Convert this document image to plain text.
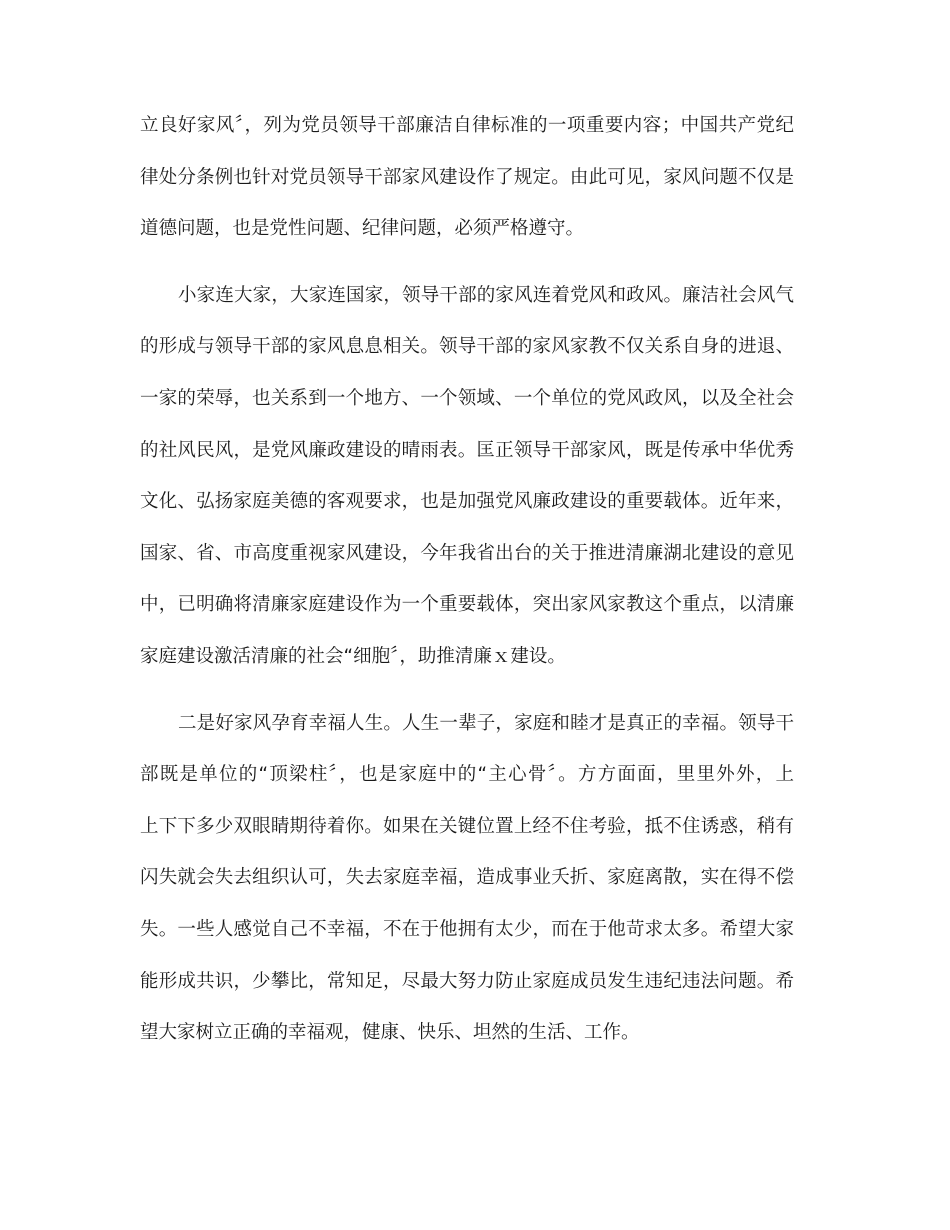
立良好家风〞，列为党员领导干部廉洁自律标准的一项重要内容；中国共产党纪
律处分条例也针对党员领导干部家风建设作了规定。由此可见，家风问题不仅是
道德问题，也是党性问题、纪律问题，必须严格遵守。
小家连大家，大家连国家，领导干部的家风连着党风和政风。廉洁社会风气
的形成与领导干部的家风息息相关。领导干部的家风家教不仅关系自身的进退、
一家的荣辱，也关系到一个地方、一个领域、一个单位的党风政风，以及全社会
的社风民风，是党风廉政建设的晴雨表。匡正领导干部家风，既是传承中华优秀
文化、弘扬家庭美德的客观要求，也是加强党风廉政建设的重要载体。近年来，
国家、省、市高度重视家风建设，今年我省出台的关于推进清廉湖北建设的意见
中，已明确将清廉家庭建设作为一个重要载体，突出家风家教这个重点，以清廉
家庭建设激活清廉的社会“细胞〞，助推清廉ｘ建设。
二是好家风孕育幸福人生。人生一辈子，家庭和睦才是真正的幸福。领导干
部既是单位的“顶梁柱〞，也是家庭中的“主心骨〞。方方面面，里里外外，上
上下下多少双眼睛期待着你。如果在关键位置上经不住考验，抵不住诱惑，稍有
闪失就会失去组织认可，失去家庭幸福，造成事业夭折、家庭离散，实在得不偿
失。一些人感觉自己不幸福，不在于他拥有太少，而在于他苛求太多。希望大家
能形成共识，少攀比，常知足，尽最大努力防止家庭成员发生违纪违法问题。希
望大家树立正确的幸福观，健康、快乐、坦然的生活、工作。
